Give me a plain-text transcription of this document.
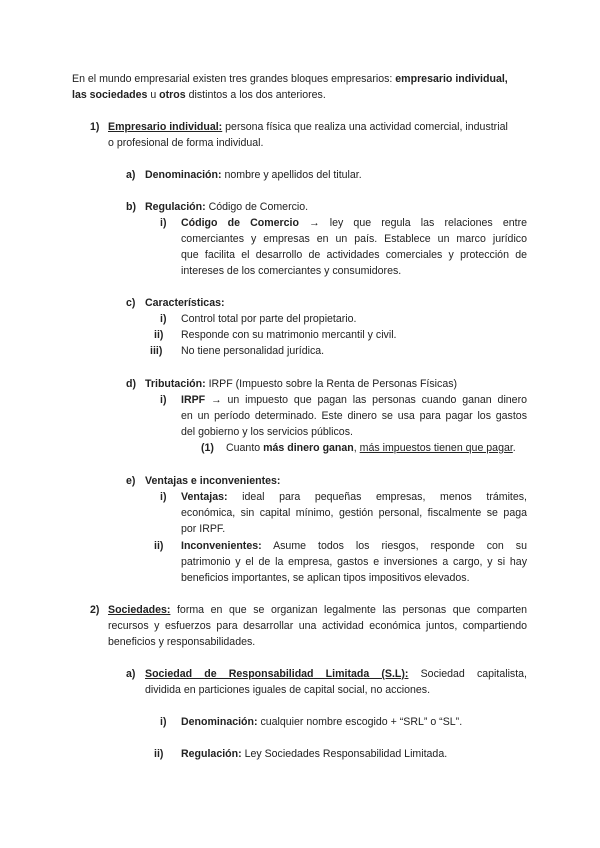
En el mundo empresarial existen tres grandes bloques empresarios: empresario individual,
las sociedades u otros distintos a los dos anteriores.
1) Empresario individual: persona física que realiza una actividad comercial, industrial
o profesional de forma individual.
a) Denominación: nombre y apellidos del titular.
b) Regulación: Código de Comercio.
i) Código de Comercio → ley que regula las relaciones entre
comerciantes y empresas en un país. Establece un marco jurídico
que facilita el desarrollo de actividades comerciales y protección de
intereses de los comerciantes y consumidores.
c) Características:
i) Control total por parte del propietario.
ii) Responde con su matrimonio mercantil y civil.
iii) No tiene personalidad jurídica.
d) Tributación: IRPF (Impuesto sobre la Renta de Personas Físicas)
i) IRPF → un impuesto que pagan las personas cuando ganan dinero
en un período determinado. Este dinero se usa para pagar los gastos
del gobierno y los servicios públicos.
(1) Cuanto más dinero ganan, más impuestos tienen que pagar.
e) Ventajas e inconvenientes:
i) Ventajas: ideal para pequeñas empresas, menos trámites,
económica, sin capital mínimo, gestión personal, fiscalmente se paga
por IRPF.
ii) Inconvenientes: Asume todos los riesgos, responde con su
patrimonio y el de la empresa, gastos e inversiones a cargo, y si hay
beneficios importantes, se aplican tipos impositivos elevados.
2) Sociedades: forma en que se organizan legalmente las personas que comparten
recursos y esfuerzos para desarrollar una actividad económica juntos, compartiendo
beneficios y responsabilidades.
a) Sociedad de Responsabilidad Limitada (S.L): Sociedad capitalista,
dividida en particiones iguales de capital social, no acciones.
i) Denominación: cualquier nombre escogido + “SRL” o “SL”.
ii) Regulación: Ley Sociedades Responsabilidad Limitada.
